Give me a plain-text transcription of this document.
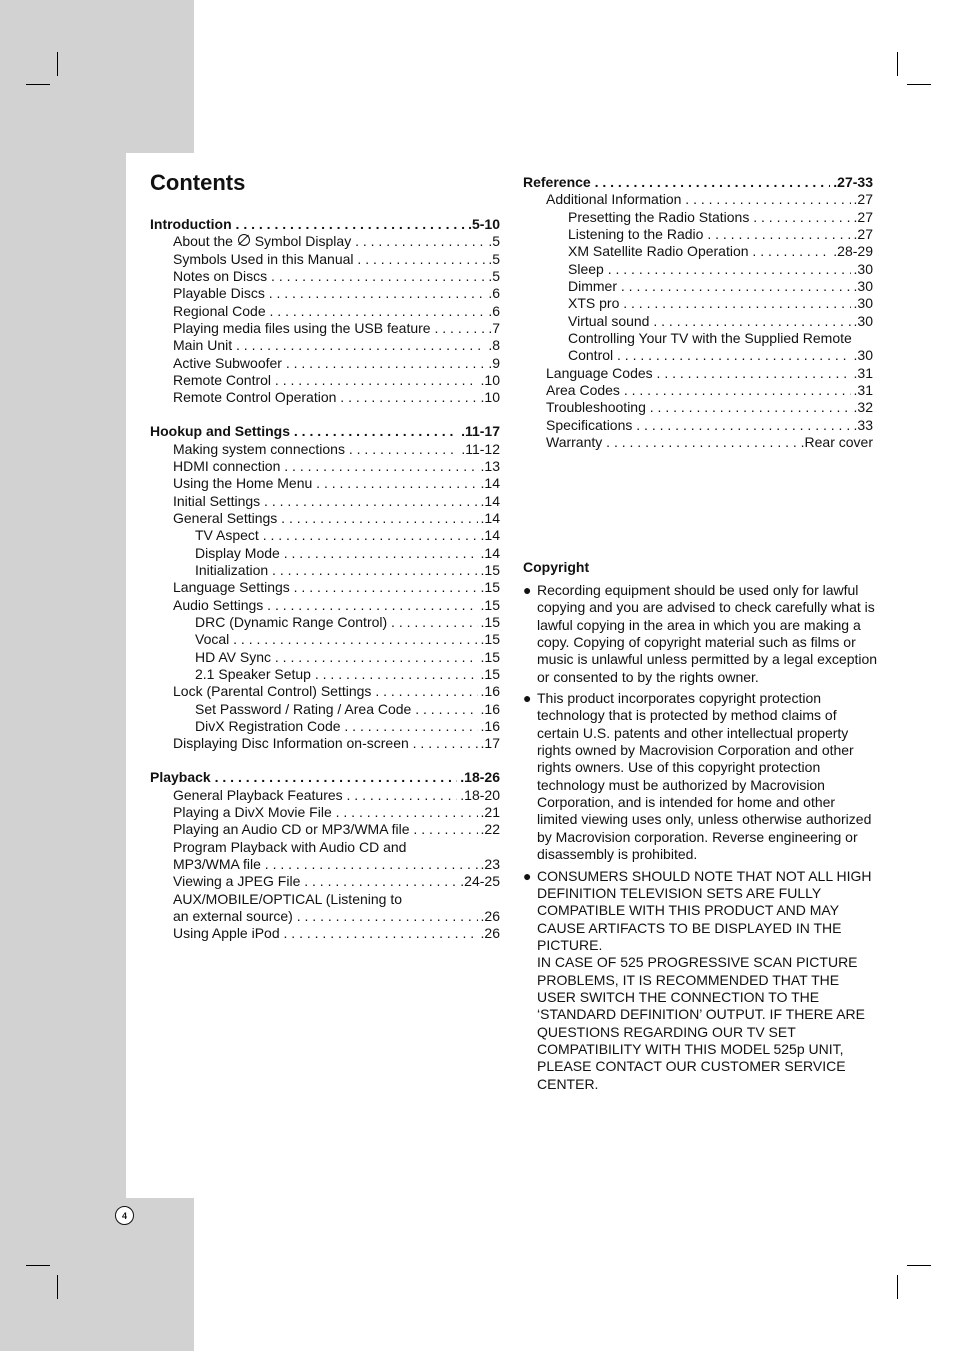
Contents
Introduction . . .	.5-10
About the  Symbol Display . . .	.5
Symbols Used in this Manual . . .	.5
Notes on Discs . . .	.5
Playable Discs . . .	.6
Regional Code . . .	.6
Playing media files using the USB feature . . .	.7
Main Unit . . .	.8
Active Subwoofer . . .	.9
Remote Control . . .	.10
Remote Control Operation . . .	.10
Hookup and Settings . . .	.11-17
Making system connections . . .	.11-12
HDMI connection . . .	.13
Using the Home Menu . . .	.14
Initial Settings . . .	.14
General Settings . . .	.14
TV Aspect . . .	.14
Display Mode . . .	.14
Initialization . . .	.15
Language Settings . . .	.15
Audio Settings . . .	.15
DRC (Dynamic Range Control) . . .	.15
Vocal . . .	.15
HD AV Sync . . .	.15
2.1 Speaker Setup . . .	.15
Lock (Parental Control) Settings . . .	.16
Set Password / Rating / Area Code . . .	.16
DivX Registration Code . . .	.16
Displaying Disc Information on-screen . . .	.17
Playback . . .	.18-26
General Playback Features . . .	.18-20
Playing a DivX Movie File . . .	.21
Playing an Audio CD or MP3/WMA file . . .	.22
Program Playback with Audio CD and
MP3/WMA file . . .	.23
Viewing a JPEG File . . .	.24-25
AUX/MOBILE/OPTICAL (Listening to
an external source) . . .	.26
Using Apple iPod . . .	.26
Reference . . .	.27-33
Additional Information . . .	.27
Presetting the Radio Stations . . .	.27
Listening to the Radio . . .	.27
XM Satellite Radio Operation . . .	.28-29
Sleep . . .	.30
Dimmer . . .	.30
XTS pro . . .	.30
Virtual sound . . .	.30
Controlling Your TV with the Supplied Remote
Control . . .	.30
Language Codes . . .	.31
Area Codes . . .	.31
Troubleshooting . . .	.32
Specifications . . .	.33
Warranty . . .	.Rear cover
Copyright
● Recording equipment should be used only for lawful copying and you are advised to check carefully what is lawful copying in the area in which you are making a copy. Copying of copyright material such as films or music is unlawful unless permitted by a legal exception or consented to by the rights owner.
● This product incorporates copyright protection technology that is protected by method claims of certain U.S. patents and other intellectual property rights owned by Macrovision Corporation and other rights owners. Use of this copyright protection technology must be authorized by Macrovision Corporation, and is intended for home and other limited viewing uses only, unless otherwise authorized by Macrovision corporation. Reverse engineering or disassembly is prohibited.
● CONSUMERS SHOULD NOTE THAT NOT ALL HIGH DEFINITION TELEVISION SETS ARE FULLY COMPATIBLE WITH THIS PRODUCT AND MAY CAUSE ARTIFACTS TO BE DISPLAYED IN THE PICTURE.
IN CASE OF 525 PROGRESSIVE SCAN PICTURE PROBLEMS, IT IS RECOMMENDED THAT THE USER SWITCH THE CONNECTION TO THE ‘STANDARD DEFINITION’ OUTPUT. IF THERE ARE QUESTIONS REGARDING OUR TV SET COMPATIBILITY WITH THIS MODEL 525p UNIT, PLEASE CONTACT OUR CUSTOMER SERVICE CENTER.
4
